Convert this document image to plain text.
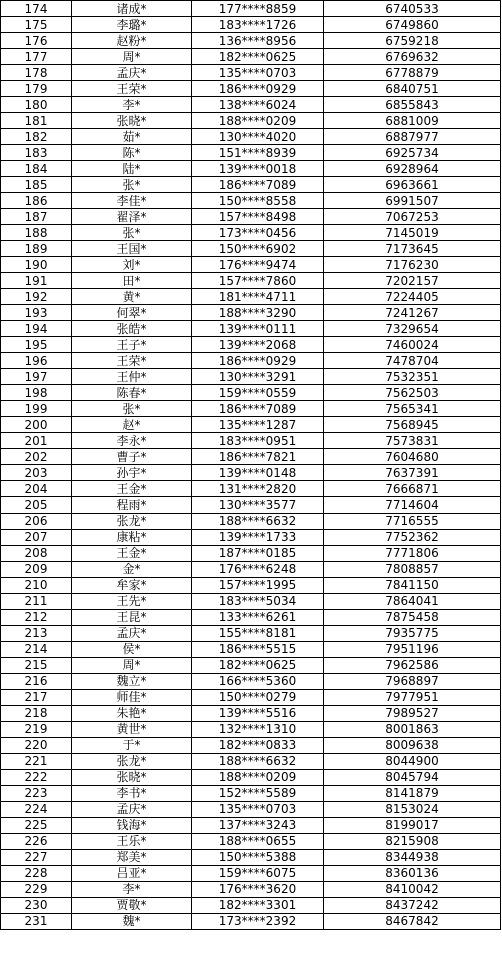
174	诸成*	177****8859	6740533
175	李璐*	183****1726	6749860
176	赵粉*	136****8956	6759218
177	周*	182****0625	6769632
178	孟庆*	135****0703	6778879
179	王荣*	186****0929	6840751
180	李*	138****6024	6855843
181	张晓*	188****0209	6881009
182	茹*	130****4020	6887977
183	陈*	151****8939	6925734
184	陆*	139****0018	6928964
185	张*	186****7089	6963661
186	李佳*	150****8558	6991507
187	翟泽*	157****8498	7067253
188	张*	173****0456	7145019
189	王国*	150****6902	7173645
190	刘*	176****9474	7176230
191	田*	157****7860	7202157
192	黄*	181****4711	7224405
193	何翠*	188****3290	7241267
194	张皓*	139****0111	7329654
195	王子*	139****2068	7460024
196	王荣*	186****0929	7478704
197	王仲*	130****3291	7532351
198	陈春*	159****0559	7562503
199	张*	186****7089	7565341
200	赵*	135****1287	7568945
201	李永*	183****0951	7573831
202	曹子*	186****7821	7604680
203	孙宇*	139****0148	7637391
204	王金*	131****2820	7666871
205	程雨*	130****3577	7714604
206	张龙*	188****6632	7716555
207	康粘*	139****1733	7752362
208	王金*	187****0185	7771806
209	金*	176****6248	7808857
210	牟家*	157****1995	7841150
211	王先*	183****5034	7864041
212	王昆*	133****6261	7875458
213	孟庆*	155****8181	7935775
214	侯*	186****5515	7951196
215	周*	182****0625	7962586
216	魏立*	166****5360	7968897
217	师佳*	150****0279	7977951
218	朱艳*	139****5516	7989527
219	黄世*	132****1310	8001863
220	于*	182****0833	8009638
221	张龙*	188****6632	8044900
222	张晓*	188****0209	8045794
223	李书*	152****5589	8141879
224	孟庆*	135****0703	8153024
225	钱海*	137****3243	8199017
226	王乐*	188****0655	8215908
227	郑美*	150****5388	8344938
228	吕亚*	159****6075	8360136
229	李*	176****3620	8410042
230	贾敬*	182****3301	8437242
231	魏*	173****2392	8467842
